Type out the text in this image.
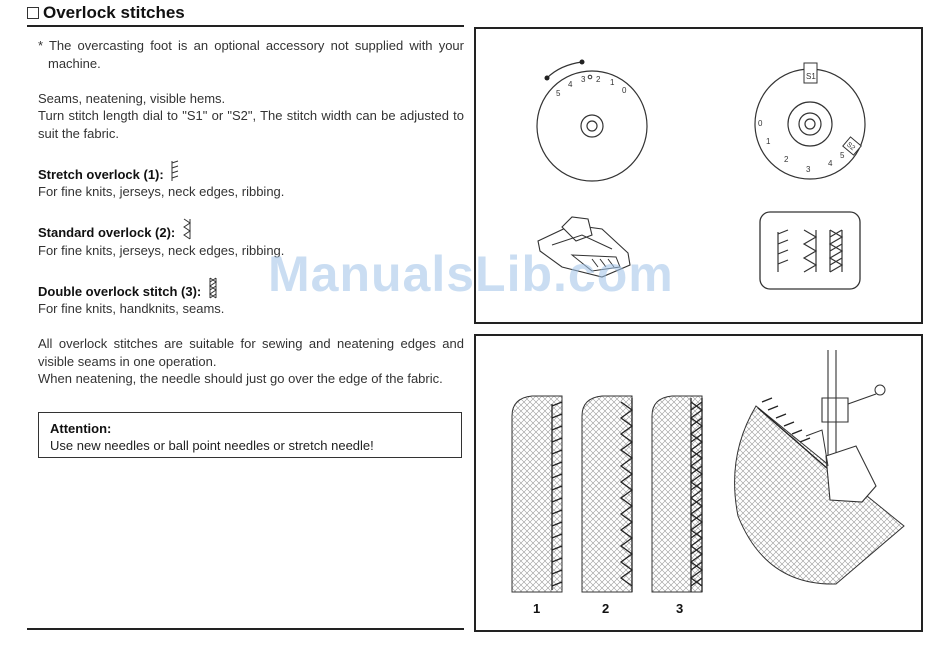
Overlock stitches

* The overcasting foot is an optional accessory not supplied with your machine.

Seams, neatening, visible hems.

Turn stitch length dial to "S1" or "S2", The stitch width can be adjusted to suit the fabric.

Stretch overlock (1):

For fine knits, jerseys, neck edges, ribbing.

Standard overlock (2):

For fine knits, jerseys, neck edges, ribbing.

Double overlock stitch (3):

For fine knits, handknits, seams.

All overlock stitches are suitable for sewing and neatening edges and visible seams in one operation.

When neatening, the needle should just go over the edge of the fabric.

Attention:
Use new needles or ball point needles or stretch needle!
5
4
3 2 1
0
S1
S2
0
1
2
3
4
5
ManualsLib.com
1	2	3
